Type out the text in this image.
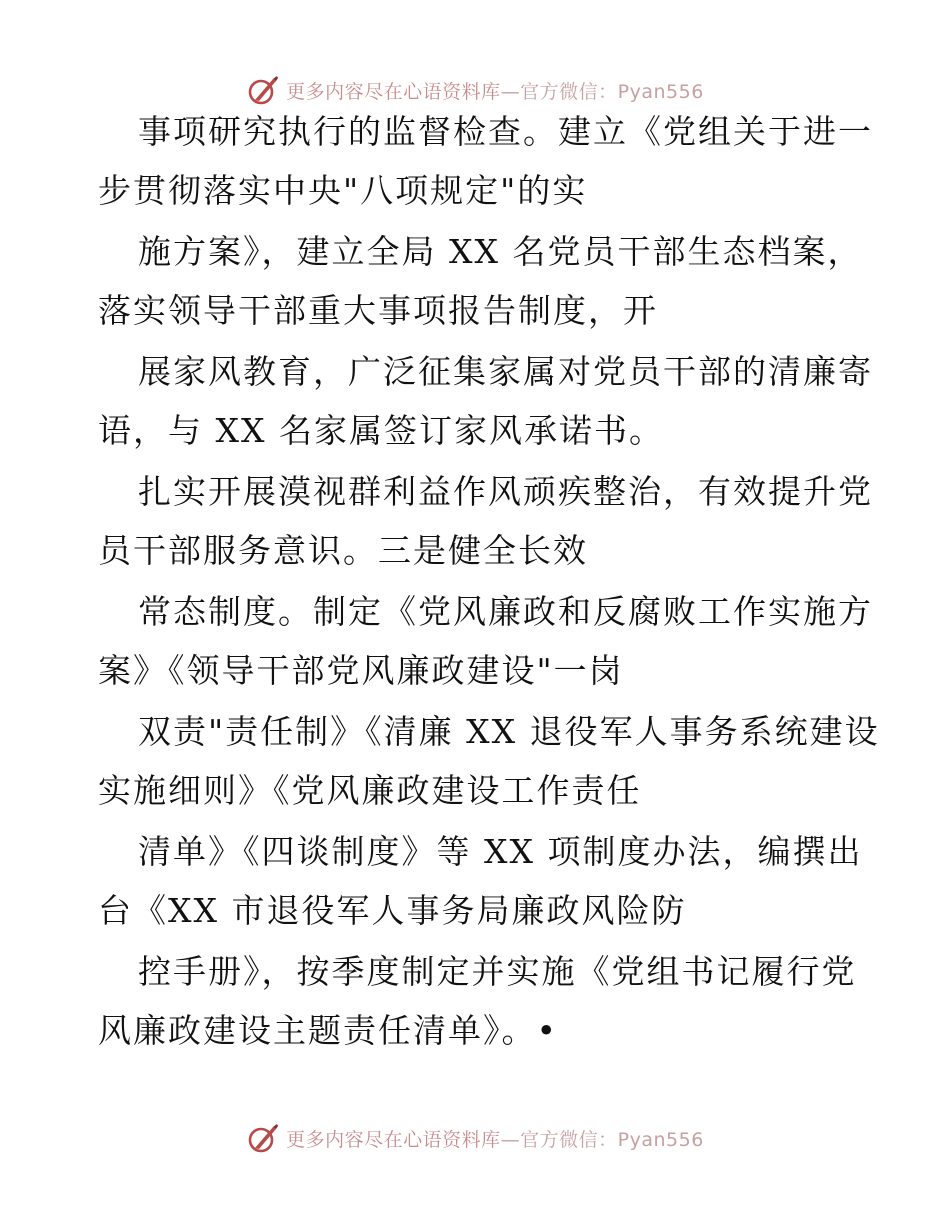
更多内容尽在心语资料库—官方微信：Pyan556
事项研究执行的监督检查。建立《党组关于进一
步贯彻落实中央"八项规定"的实
施方案》，建立全局 XX 名党员干部生态档案，
落实领导干部重大事项报告制度，开
展家风教育，广泛征集家属对党员干部的清廉寄
语，与 XX 名家属签订家风承诺书。
扎实开展漠视群利益作风顽疾整治，有效提升党
员干部服务意识。三是健全长效
常态制度。制定《党风廉政和反腐败工作实施方
案》《领导干部党风廉政建设"一岗
双责"责任制》《清廉 XX 退役军人事务系统建设
实施细则》《党风廉政建设工作责任
清单》《四谈制度》等 XX 项制度办法，编撰出
台《XX 市退役军人事务局廉政风险防
控手册》，按季度制定并实施《党组书记履行党
风廉政建设主题责任清单》。•
更多内容尽在心语资料库—官方微信：Pyan556
